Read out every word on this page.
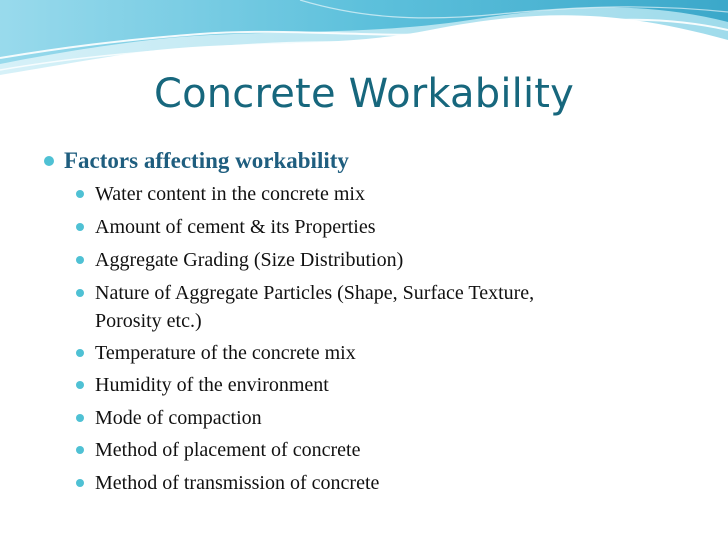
Concrete Workability
Factors affecting workability
Water content in the concrete mix
Amount of cement & its Properties
Aggregate Grading (Size Distribution)
Nature of Aggregate Particles (Shape, Surface Texture,
Porosity etc.)
Temperature of the concrete mix
Humidity of the environment
Mode of compaction
Method of placement of concrete
Method of transmission of concrete
